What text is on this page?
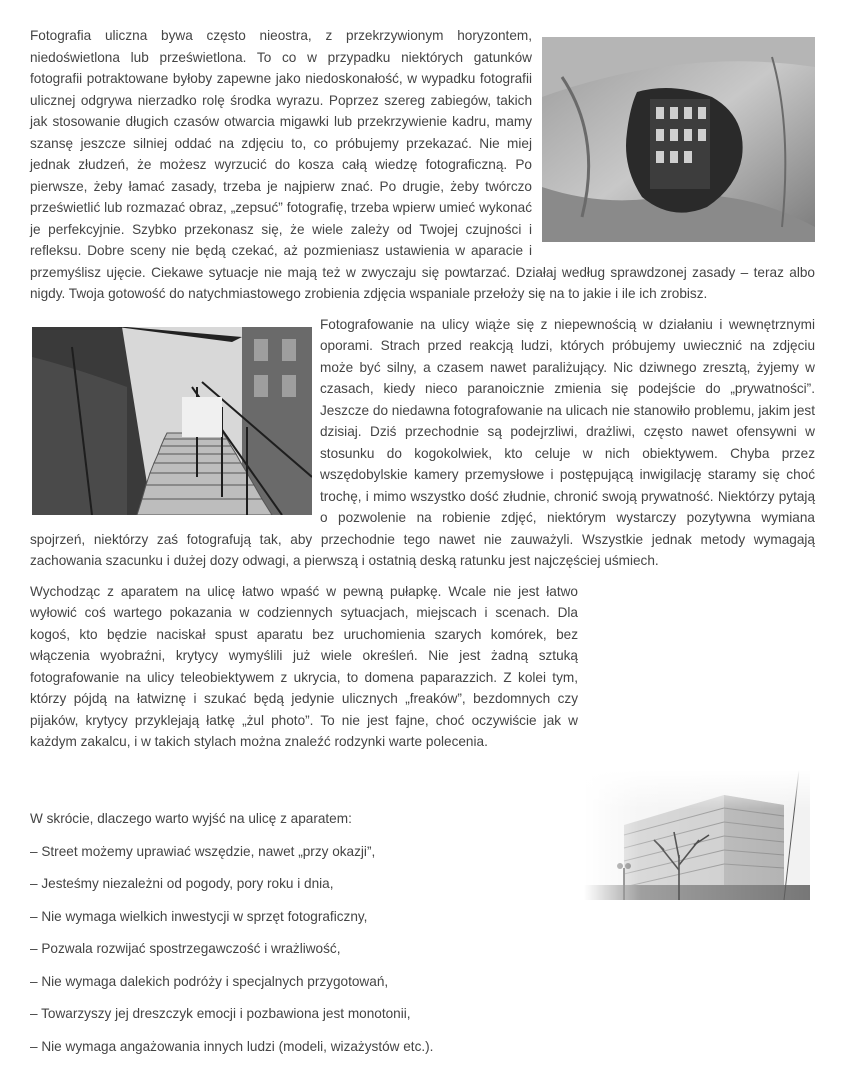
Fotografia uliczna bywa często nieostra, z przekrzywionym horyzontem, niedoświetlona lub prześwietlona. To co w przypadku niektórych gatunków fotografii potraktowane byłoby zapewne jako niedoskonałość, w wypadku fotografii ulicznej odgrywa nierzadko rolę środka wyrazu. Poprzez szereg zabiegów, takich jak stosowanie długich czasów otwarcia migawki lub przekrzywienie kadru, mamy szansę jeszcze silniej oddać na zdjęciu to, co próbujemy przekazać. Nie miej jednak złudzeń, że możesz wyrzucić do kosza całą wiedzę fotograficzną. Po pierwsze, żeby łamać zasady, trzeba je najpierw znać. Po drugie, żeby twórczo prześwietlić lub rozmazać obraz, „zepsuć” fotografię, trzeba wpierw umieć wykonać je perfekcyjnie. Szybko przekonasz się, że wiele zależy od Twojej czujności i refleksu. Dobre sceny nie będą czekać, aż pozmieniasz ustawienia w aparacie i przemyślisz ujęcie. Ciekawe sytuacje nie mają też w zwyczaju się powtarzać. Działaj według sprawdzonej zasady – teraz albo nigdy. Twoja gotowość do natychmiastowego zrobienia zdjęcia wspaniale przełoży się na to jakie i ile ich zrobisz.

Fotografowanie na ulicy wiąże się z niepewnością w działaniu i wewnętrznymi oporami. Strach przed reakcją ludzi, których próbujemy uwiecznić na zdjęciu może być silny, a czasem nawet paraliżujący. Nic dziwnego zresztą, żyjemy w czasach, kiedy nieco paranoicznie zmienia się podejście do „prywatności”. Jeszcze do niedawna fotografowanie na ulicach nie stanowiło problemu, jakim jest dzisiaj. Dziś przechodnie są podejrzliwi, drażliwi, często nawet ofensywni w stosunku do kogokolwiek, kto celuje w nich obiektywem. Chyba przez wszędobylskie kamery przemysłowe i postępującą inwigilację staramy się choć trochę, i mimo wszystko dość złudnie, chronić swoją prywatność. Niektórzy pytają o pozwolenie na robienie zdjęć, niektórym wystarczy pozytywna wymiana spojrzeń, niektórzy zaś fotografują tak, aby przechodnie tego nawet nie zauważyli. Wszystkie jednak metody wymagają zachowania szacunku i dużej dozy odwagi, a pierwszą i ostatnią deską ratunku jest najczęściej uśmiech.

Wychodząc z aparatem na ulicę łatwo wpaść w pewną pułapkę. Wcale nie jest łatwo wyłowić coś wartego pokazania w codziennych sytuacjach, miejscach i scenach. Dla kogoś, kto będzie naciskał spust aparatu bez uruchomienia szarych komórek, bez włączenia wyobraźni, krytycy wymyślili już wiele określeń. Nie jest żadną sztuką fotografowanie na ulicy teleobiektywem z ukrycia, to domena paparazzich. Z kolei tym, którzy pójdą na łatwiznę i szukać będą jedynie ulicznych „freaków”, bezdomnych czy pijaków, krytycy przyklejają łatkę „żul photo”. To nie jest fajne, choć oczywiście jak w każdym zakalcu, i w takich stylach można znaleźć rodzynki warte polecenia.

W skrócie, dlaczego warto wyjść na ulicę z aparatem:
– Street możemy uprawiać wszędzie, nawet „przy okazji”,
– Jesteśmy niezależni od pogody, pory roku i dnia,
– Nie wymaga wielkich inwestycji w sprzęt fotograficzny,
– Pozwala rozwijać spostrzegawczość i wrażliwość,
– Nie wymaga dalekich podróży i specjalnych przygotowań,
– Towarzyszy jej dreszczyk emocji i pozbawiona jest monotonii,
– Nie wymaga angażowania innych ludzi (modeli, wizażystów etc.).
